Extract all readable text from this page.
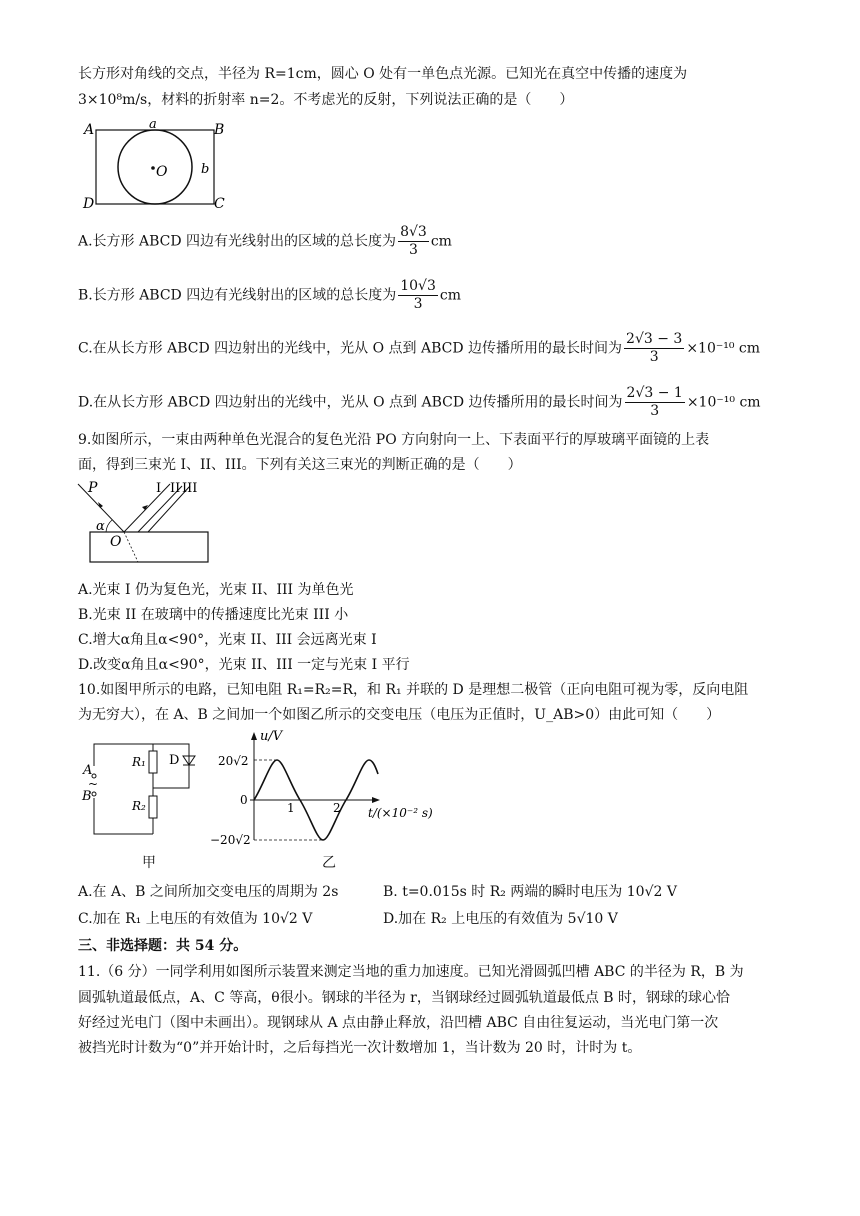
长方形对角线的交点，半径为 R=1cm，圆心 O 处有一单色点光源。已知光在真空中传播的速度为
3×10⁸m/s，材料的折射率 n=2。不考虑光的反射，下列说法正确的是（　　）
A	B
C
D
a
b
O
A.长方形 ABCD 四边有光线射出的区域的总长度为 $\frac{8√3}{3}$ cm
B.长方形 ABCD 四边有光线射出的区域的总长度为 $\frac{10√3}{3}$ cm
C.在从长方形 ABCD 四边射出的光线中，光从 O 点到 ABCD 边传播所用的最长时间为 $\frac{2√3 - 3}{3} \times 10^{-10}$ cm
D.在从长方形 ABCD 四边射出的光线中，光从 O 点到 ABCD 边传播所用的最长时间为 $\frac{2√3 - 1}{3} \times 10^{-10}$ cm
9.如图所示，一束由两种单色光混合的复色光沿 PO 方向射向一上、下表面平行的厚玻璃平面镜的上表
面，得到三束光 I、II、III。下列有关这三束光的判断正确的是（　　）
P
O
α
I II III
A.光束 I 仍为复色光，光束 II、III 为单色光
B.光束 II 在玻璃中的传播速度比光束 III 小
C.增大α角且α<90°，光束 II、III 会远离光束 I
D.改变α角且α<90°，光束 II、III 一定与光束 I 平行
10.如图甲所示的电路，已知电阻 R₁=R₂=R，和 R₁ 并联的 D 是理想二极管（正向电阻可视为零，反向电阻
为无穷大），在 A、B 之间加一个如图乙所示的交变电压（电压为正值时，U_AB>0）由此可知（　　）
A
~
B
R₁
R₂
D
u/V
20√2
−20√2
0
1	2 t/(×10⁻² s)
甲	乙
A.在 A、B 之间所加交变电压的周期为 2s	B. t=0.015s 时 R₂ 两端的瞬时电压为 10√2 V
C.加在 R₁ 上电压的有效值为 10√2 V	D.加在 R₂ 上电压的有效值为 5√10 V
三、非选择题：共 54 分。
11.（6 分）一同学利用如图所示装置来测定当地的重力加速度。已知光滑圆弧凹槽 ABC 的半径为 R，B 为
圆弧轨道最低点，A、C 等高，θ很小。钢球的半径为 r，当钢球经过圆弧轨道最低点 B 时，钢球的球心恰
好经过光电门（图中未画出）。现钢球从 A 点由静止释放，沿凹槽 ABC 自由往复运动，当光电门第一次
被挡光时计数为“0”并开始计时，之后每挡光一次计数增加 1，当计数为 20 时，计时为 t。
